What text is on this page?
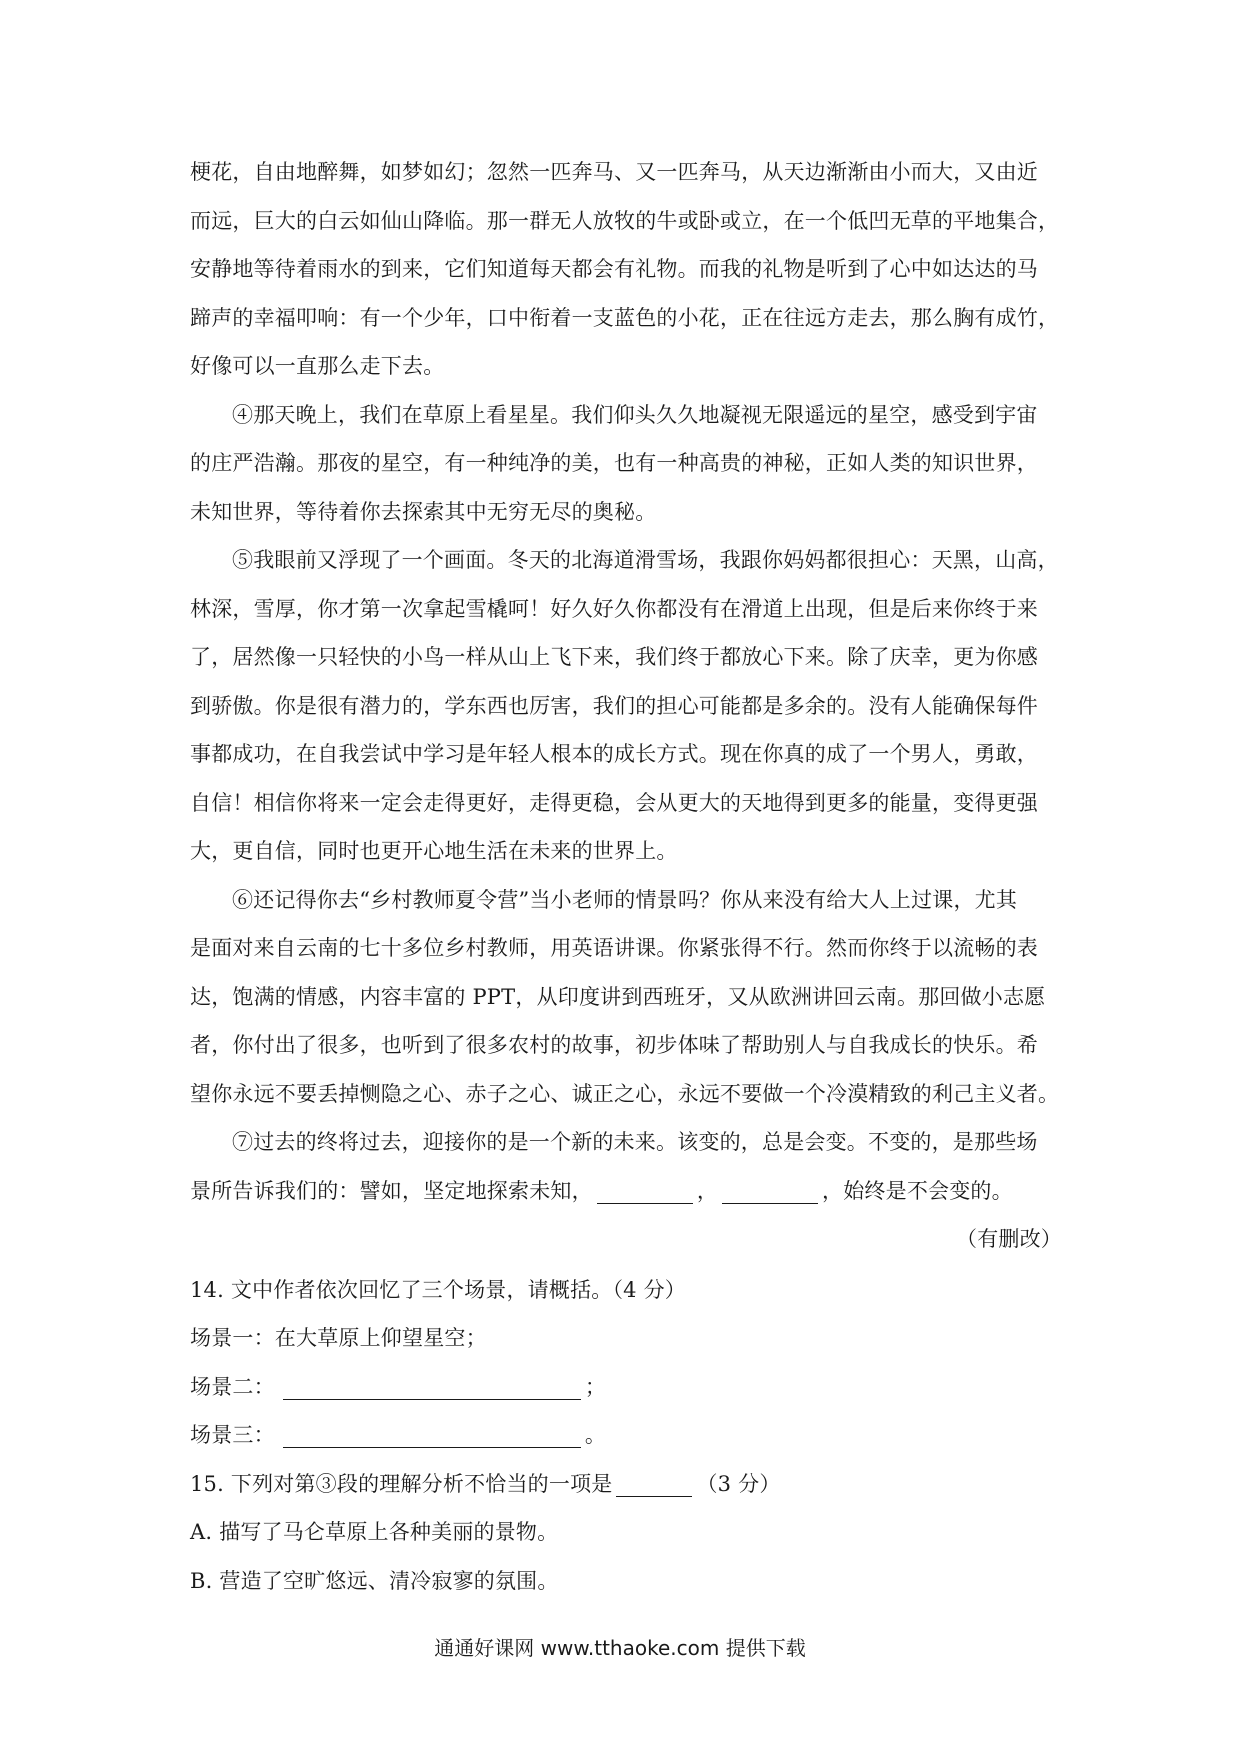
梗花，自由地醉舞，如梦如幻；忽然一匹奔马、又一匹奔马，从天边渐渐由小而大，又由近
而远，巨大的白云如仙山降临。那一群无人放牧的牛或卧或立，在一个低凹无草的平地集合，
安静地等待着雨水的到来，它们知道每天都会有礼物。而我的礼物是听到了心中如达达的马
蹄声的幸福叩响：有一个少年，口中衔着一支蓝色的小花，正在往远方走去，那么胸有成竹，
好像可以一直那么走下去。
④那天晚上，我们在草原上看星星。我们仰头久久地凝视无限遥远的星空，感受到宇宙
的庄严浩瀚。那夜的星空，有一种纯净的美，也有一种高贵的神秘，正如人类的知识世界，
未知世界，等待着你去探索其中无穷无尽的奥秘。
⑤我眼前又浮现了一个画面。冬天的北海道滑雪场，我跟你妈妈都很担心：天黑，山高，
林深，雪厚，你才第一次拿起雪橇呵！好久好久你都没有在滑道上出现，但是后来你终于来
了，居然像一只轻快的小鸟一样从山上飞下来，我们终于都放心下来。除了庆幸，更为你感
到骄傲。你是很有潜力的，学东西也厉害，我们的担心可能都是多余的。没有人能确保每件
事都成功，在自我尝试中学习是年轻人根本的成长方式。现在你真的成了一个男人，勇敢，
自信！相信你将来一定会走得更好，走得更稳，会从更大的天地得到更多的能量，变得更强
大，更自信，同时也更开心地生活在未来的世界上。
⑥还记得你去“乡村教师夏令营”当小老师的情景吗？你从来没有给大人上过课，尤其
是面对来自云南的七十多位乡村教师，用英语讲课。你紧张得不行。然而你终于以流畅的表
达，饱满的情感，内容丰富的 PPT，从印度讲到西班牙，又从欧洲讲回云南。那回做小志愿
者，你付出了很多，也听到了很多农村的故事，初步体味了帮助别人与自我成长的快乐。希
望你永远不要丢掉恻隐之心、赤子之心、诚正之心，永远不要做一个冷漠精致的利己主义者。
⑦过去的终将过去，迎接你的是一个新的未来。该变的，总是会变。不变的，是那些场
景所告诉我们的：譬如，坚定地探索未知，	，	，始终是不会变的。
（有删改）
14. 文中作者依次回忆了三个场景，请概括。（4 分）
场景一：在大草原上仰望星空；
场景二：	；
场景三：	。
15. 下列对第③段的理解分析不恰当的一项是	（3 分）
A. 描写了马仑草原上各种美丽的景物。
B. 营造了空旷悠远、清冷寂寥的氛围。
通通好课网 www.tthaoke.com 提供下载
